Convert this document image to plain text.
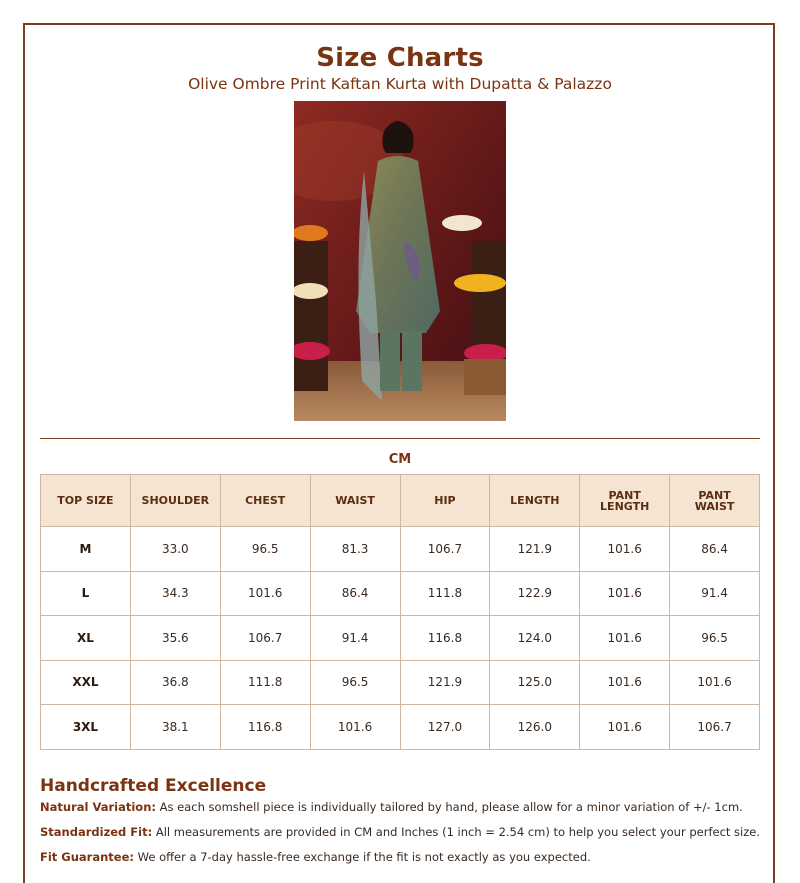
Size Charts
Olive Ombre Print Kaftan Kurta with Dupatta & Palazzo
CM
TOP SIZE	SHOULDER	CHEST	WAIST	HIP	LENGTH	PANT LENGTH	PANT WAIST
M	33.0	96.5	81.3	106.7	121.9	101.6	86.4
L	34.3	101.6	86.4	111.8	122.9	101.6	91.4
XL	35.6	106.7	91.4	116.8	124.0	101.6	96.5
XXL	36.8	111.8	96.5	121.9	125.0	101.6	101.6
3XL	38.1	116.8	101.6	127.0	126.0	101.6	106.7
Handcrafted Excellence
Natural Variation: As each somshell piece is individually tailored by hand, please allow for a minor variation of +/- 1cm.
Standardized Fit: All measurements are provided in CM and Inches (1 inch = 2.54 cm) to help you select your perfect size.
Fit Guarantee: We offer a 7-day hassle-free exchange if the fit is not exactly as you expected.
